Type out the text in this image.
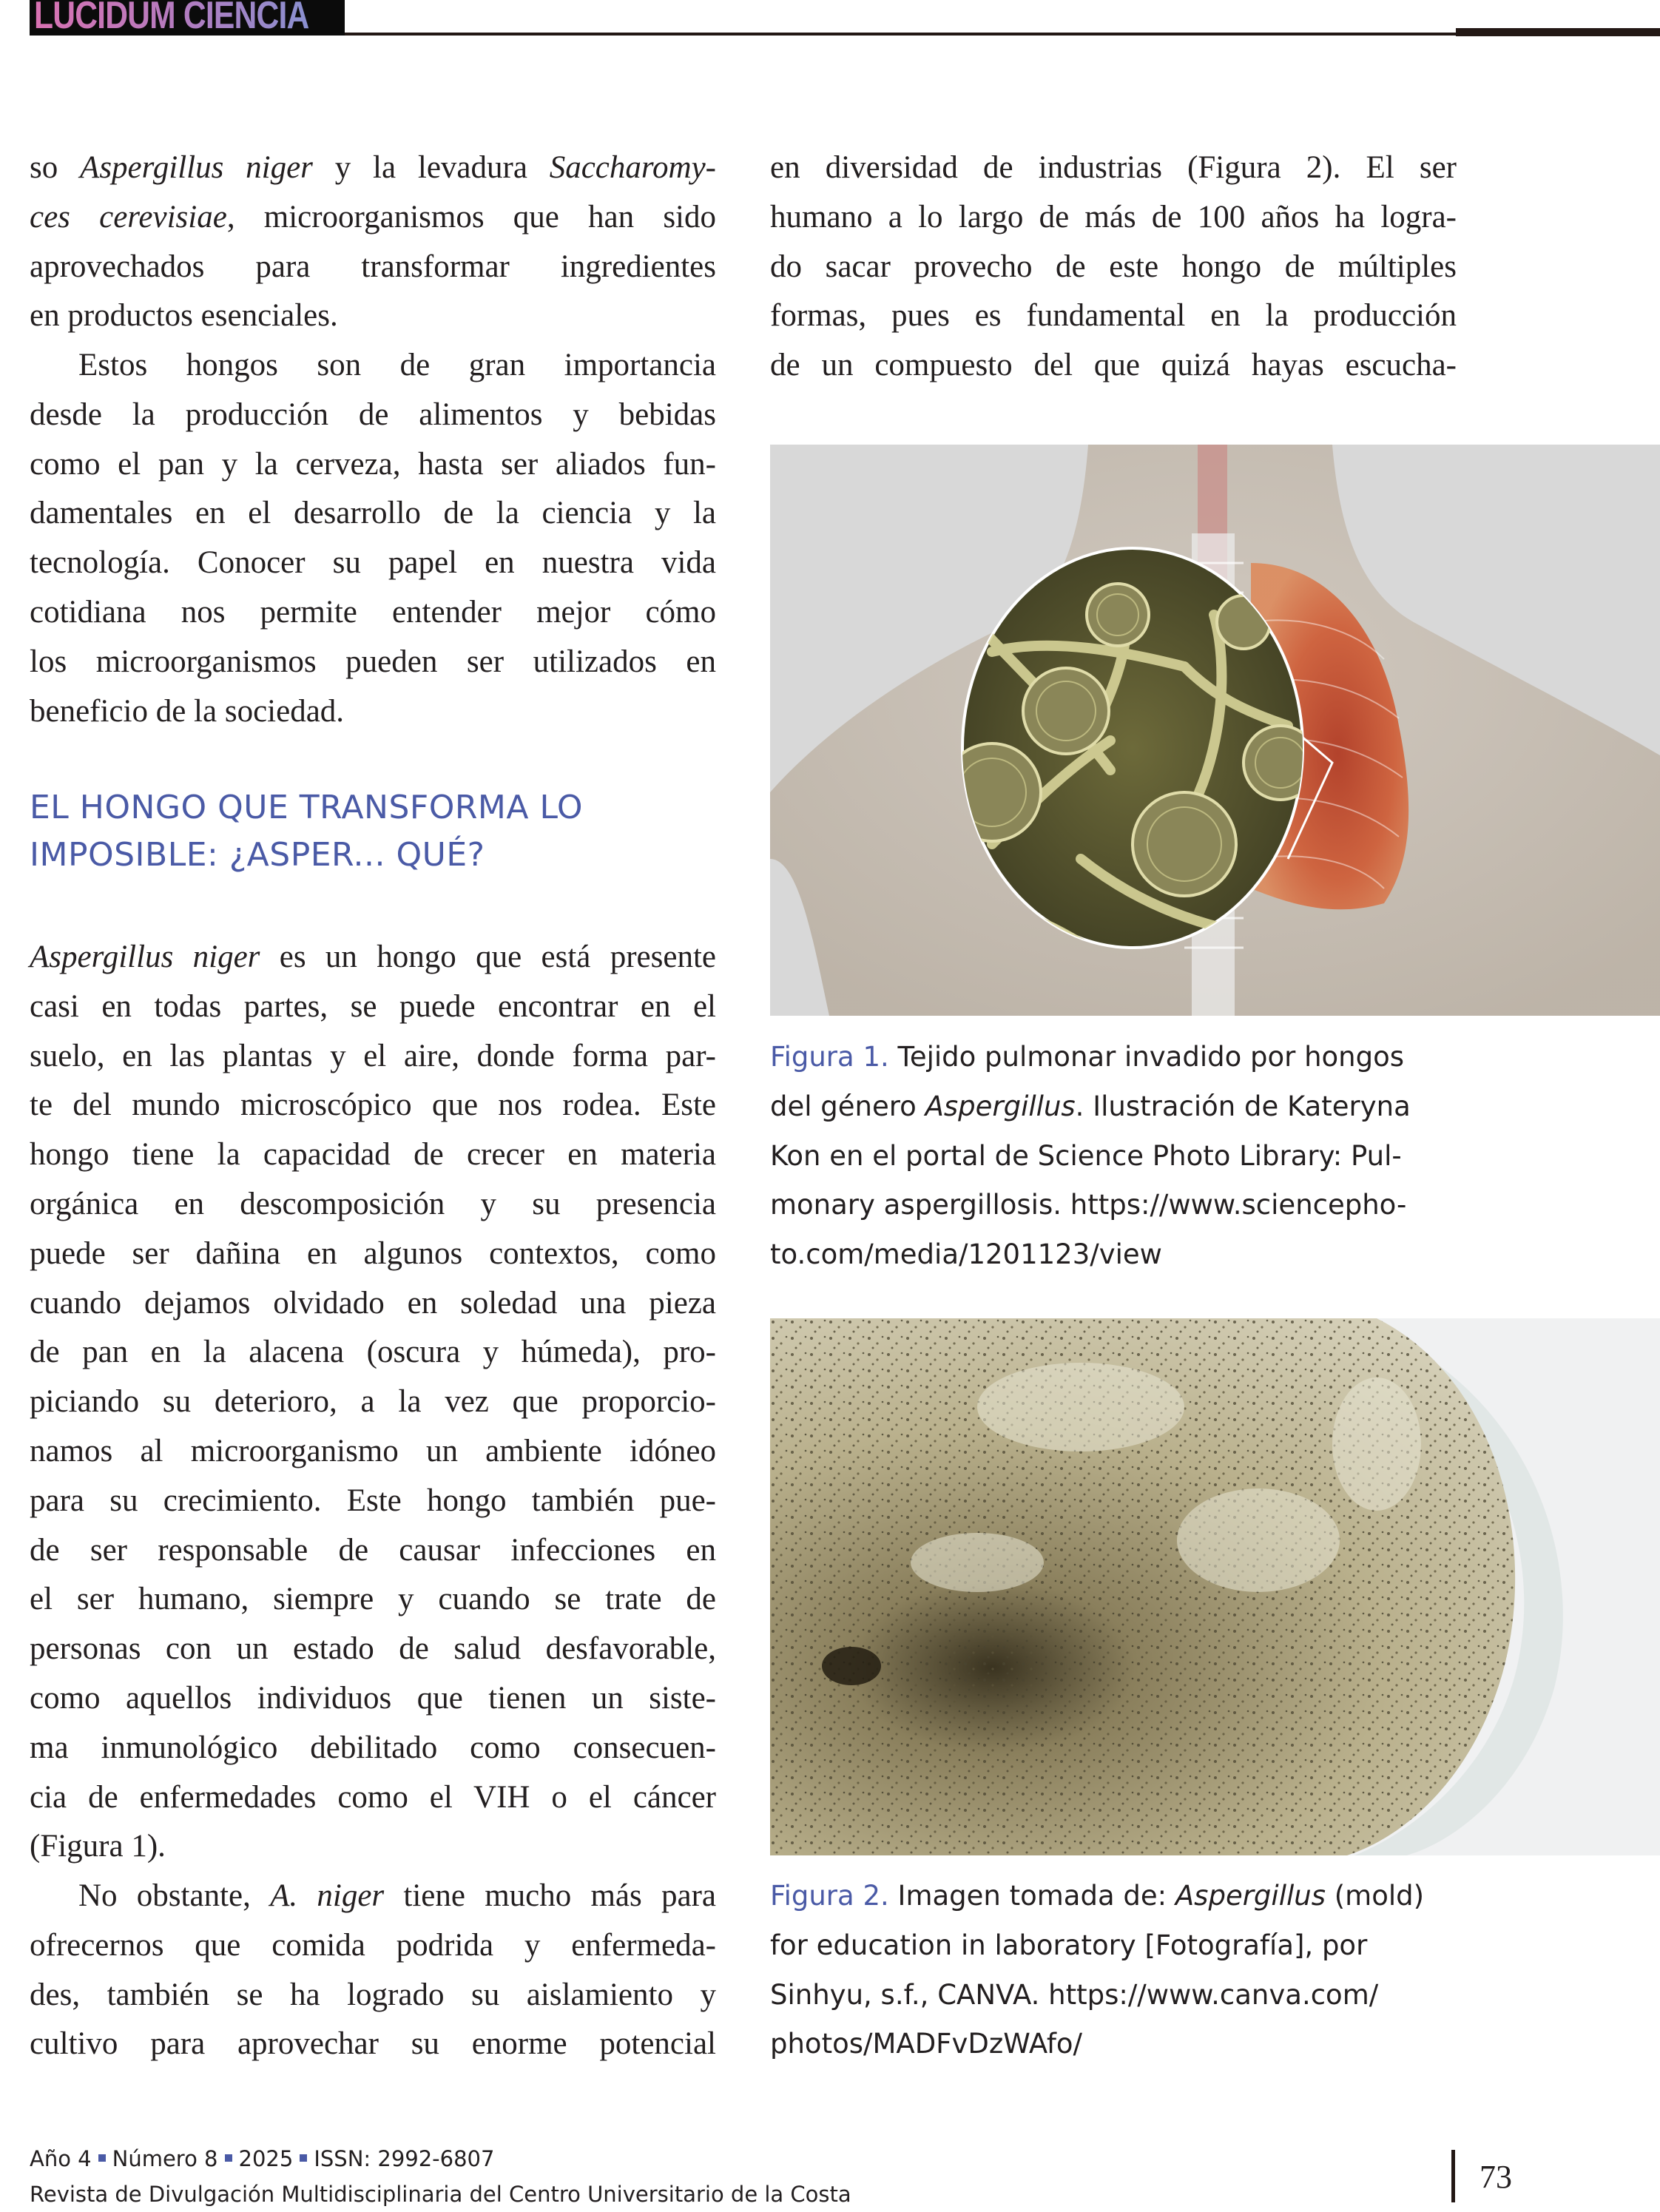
LUCIDUM CIENCIA
so Aspergillus niger y la levadura Saccharomy-
ces cerevisiae, microorganismos que han sido
aprovechados para transformar ingredientes
en productos esenciales.
Estos hongos son de gran importancia
desde la producción de alimentos y bebidas
como el pan y la cerveza, hasta ser aliados fun-
damentales en el desarrollo de la ciencia y la
tecnología. Conocer su papel en nuestra vida
cotidiana nos permite entender mejor cómo
los microorganismos pueden ser utilizados en
beneficio de la sociedad.
EL HONGO QUE TRANSFORMA LO
IMPOSIBLE: ¿ASPER... QUÉ?
Aspergillus niger es un hongo que está presente
casi en todas partes, se puede encontrar en el
suelo, en las plantas y el aire, donde forma par-
te del mundo microscópico que nos rodea. Este
hongo tiene la capacidad de crecer en materia
orgánica en descomposición y su presencia
puede ser dañina en algunos contextos, como
cuando dejamos olvidado en soledad una pieza
de pan en la alacena (oscura y húmeda), pro-
piciando su deterioro, a la vez que proporcio-
namos al microorganismo un ambiente idóneo
para su crecimiento. Este hongo también pue-
de ser responsable de causar infecciones en
el ser humano, siempre y cuando se trate de
personas con un estado de salud desfavorable,
como aquellos individuos que tienen un siste-
ma inmunológico debilitado como consecuen-
cia de enfermedades como el VIH o el cáncer
(Figura 1).
No obstante, A. niger tiene mucho más para
ofrecernos que comida podrida y enfermeda-
des, también se ha logrado su aislamiento y
cultivo para aprovechar su enorme potencial
en diversidad de industrias (Figura 2). El ser
humano a lo largo de más de 100 años ha logra-
do sacar provecho de este hongo de múltiples
formas, pues es fundamental en la producción
de un compuesto del que quizá hayas escucha-
Figura 1. Tejido pulmonar invadido por hongos
del género Aspergillus. Ilustración de Kateryna
Kon en el portal de Science Photo Library: Pul-
monary aspergillosis. https://www.sciencepho-
to.com/media/1201123/view
Figura 2. Imagen tomada de: Aspergillus (mold)
for education in laboratory [Fotografía], por
Sinhyu, s.f., CANVA. https://www.canva.com/
photos/MADFvDzWAfo/
Año 4 Número 8 2025 ISSN: 2992-6807
Revista de Divulgación Multidisciplinaria del Centro Universitario de la Costa	73
